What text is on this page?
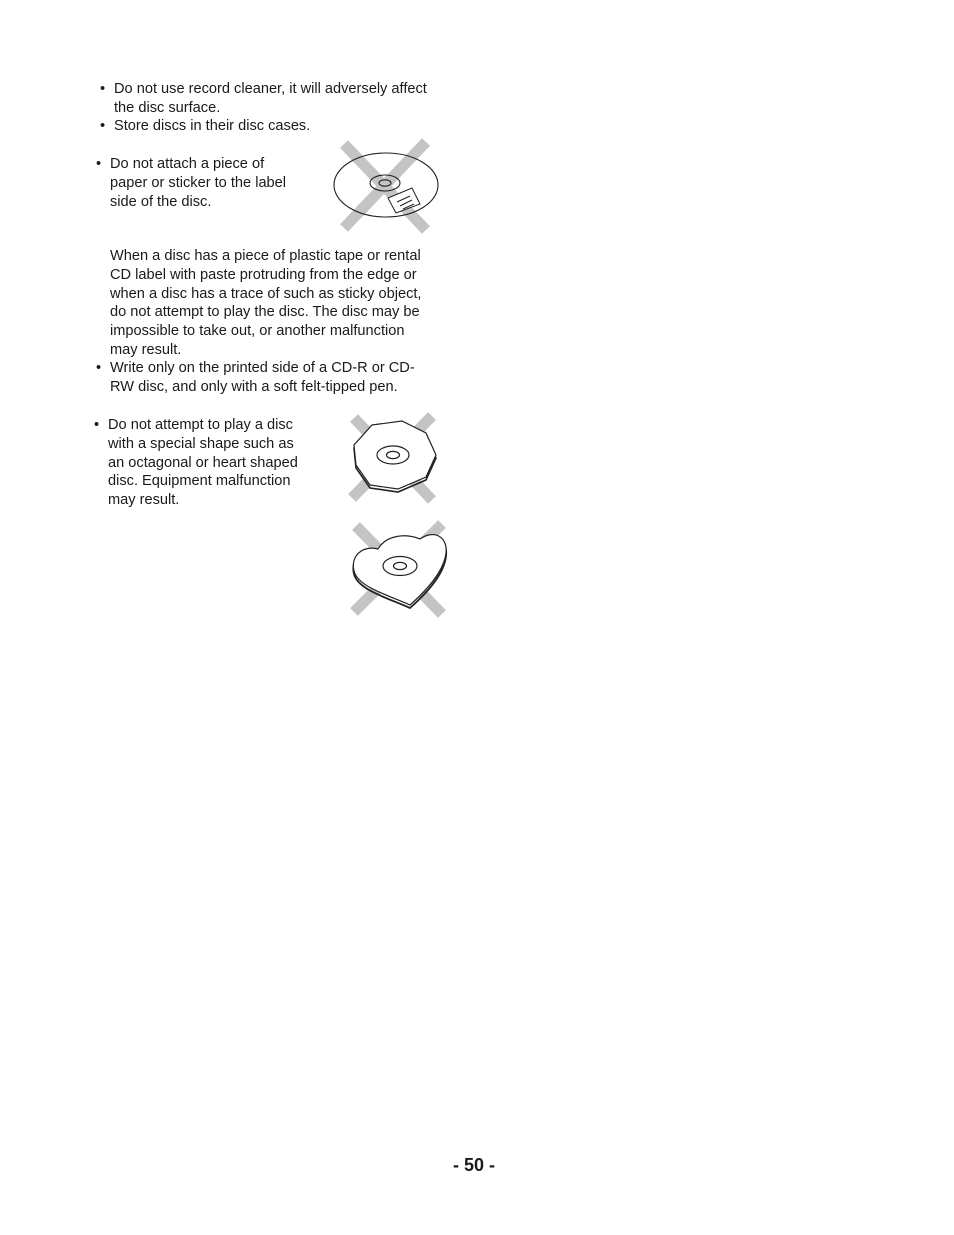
• Do not use record cleaner, it will adversely affect
the disc surface.
• Store discs in their disc cases.
• Do not attach a piece of
paper or sticker to the label
side of the disc.
When a disc has a piece of plastic tape or rental
CD label with paste protruding from the edge or
when a disc has a trace of such as sticky object,
do not attempt to play the disc. The disc may be
impossible to take out, or another malfunction
may result.
• Write only on the printed side of a CD-R or CD-
RW disc, and only with a soft felt-tipped pen.
• Do not attempt to play a disc
with a special shape such as
an octagonal or heart shaped
disc. Equipment malfunction
may result.
- 50 -
